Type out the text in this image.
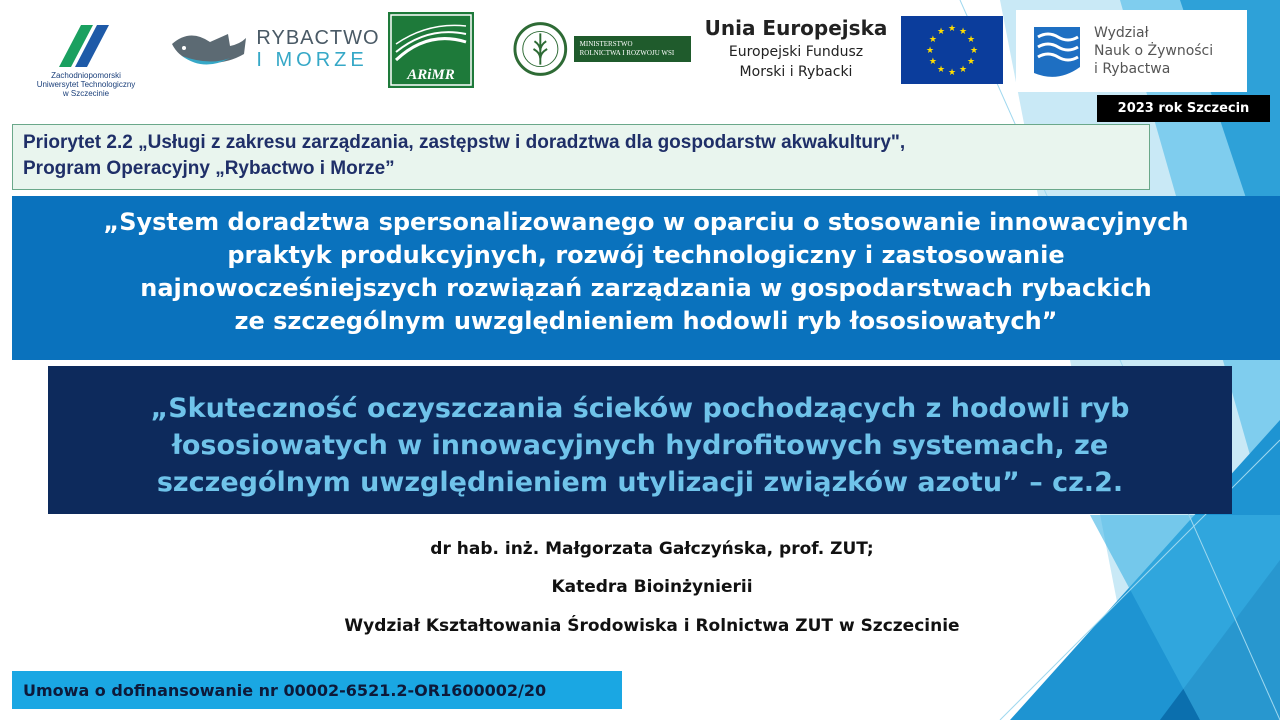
Zachodniopomorski
Uniwersytet Technologiczny
w Szczecinie
RYBACTWO
I MORZE
ARiMR
MINISTERSTWO
ROLNICTWA I ROZWOJU WSI
Unia Europejska
Europejski Fundusz
Morski i Rybacki
★ ★
★
★
★
★
★
★
★
★
★
★	Wydział
Nauk o Żywności
i Rybactwa
2023 rok Szczecin
Priorytet 2.2 „Usługi z zakresu zarządzania, zastępstw i doradztwa dla gospodarstw akwakultury",
Program Operacyjny „Rybactwo i Morze”
„System doradztwa spersonalizowanego w oparciu o stosowanie innowacyjnych
praktyk produkcyjnych, rozwój technologiczny i zastosowanie
najnowocześniejszych rozwiązań zarządzania w gospodarstwach rybackich
ze szczególnym uwzględnieniem hodowli ryb łososiowatych”
„Skuteczność oczyszczania ścieków pochodzących z hodowli ryb
łososiowatych w innowacyjnych hydrofitowych systemach, ze
szczególnym uwzględnieniem utylizacji związków azotu” – cz.2.
dr hab. inż. Małgorzata Gałczyńska, prof. ZUT;
Katedra Bioinżynierii
Wydział Kształtowania Środowiska i Rolnictwa ZUT w Szczecinie
Umowa o dofinansowanie nr 00002-6521.2-OR1600002/20
